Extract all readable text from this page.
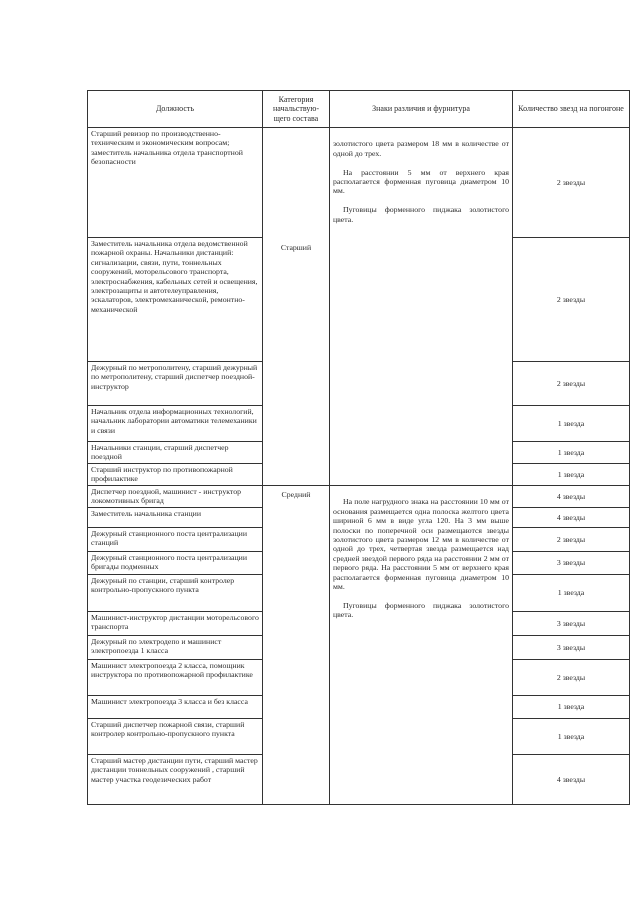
Должность	Категория начальствую-щего состава	Знаки различия и фурнитура	Количество звезд на погонгоне
Старший ревизор по производственно-техническим и экономическим вопросам; заместитель начальника отдела транспортной безопасности	Старший	золотистого цвета размером 18 мм в количестве от одной до трех.

На расстоянии 5 мм от верхнего края располагается форменная пуговица диаметром 10 мм.

Пуговицы форменного пиджака золотистого цвета.	2 звезды
Заместитель начальника отдела ведомственной пожарной охраны. Начальники дистанций: сигнализации, связи, пути, тоннельных сооружений, моторельсового транспорта, электроснабжения, кабельных сетей и освещения, электрозащиты и автотелеуправления, эскалаторов, электромеханической, ремонтно-механической			2 звезды
Дежурный по метрополитену, старший дежурный по метрополитену, старший диспетчер поездной-инструктор			2 звезды
Начальник отдела информационных технологий, начальник лаборатории автоматики телемеханики и связи			1 звезда
Начальники станции, старший диспетчер поездной			1 звезда
Старший инструктор по противопожарной профилактике			1 звезда
Диспетчер поездной, машинист - инструктор локомотивных бригад	Средний	На поле нагрудного знака на расстоянии 10 мм от основания размещается одна полоска желтого цвета шириной 6 мм в виде угла 120. На 3 мм выше полоски по поперечной оси размещаются звезды золотистого цвета размером 12 мм в количестве от одной до трех, четвертая звезда размещается над средней звездой первого ряда на расстоянии 2 мм от первого ряда. На расстоянии 5 мм от верхнего края располагается форменная пуговица диаметром 10 мм.

Пуговицы форменного пиджака золотистого цвета.	4 звезды
Заместитель начальника станции			4 звезды
Дежурный станционного поста централизации станций			2 звезды
Дежурный станционного поста централизации бригады подменных			3 звезды
Дежурный по станции, старший контролер контрольно-пропускного пункта			1 звезда
Машинист-инструктор дистанции моторельсового транспорта			3 звезды
Дежурный по электродепо и машинист электропоезда 1 класса			3 звезды
Машинист электропоезда 2 класса, помощник инструктора по противопожарной профилактике			2 звезды
Машинист электропоезда 3 класса и без класса			1 звезда
Старший диспетчер пожарной связи, старший контролер контрольно-пропускного пункта			1 звезда
Старший мастер дистанции пути, старший мастер дистанции тоннельных сооружений , старший мастер участка геодезических работ			4 звезды
